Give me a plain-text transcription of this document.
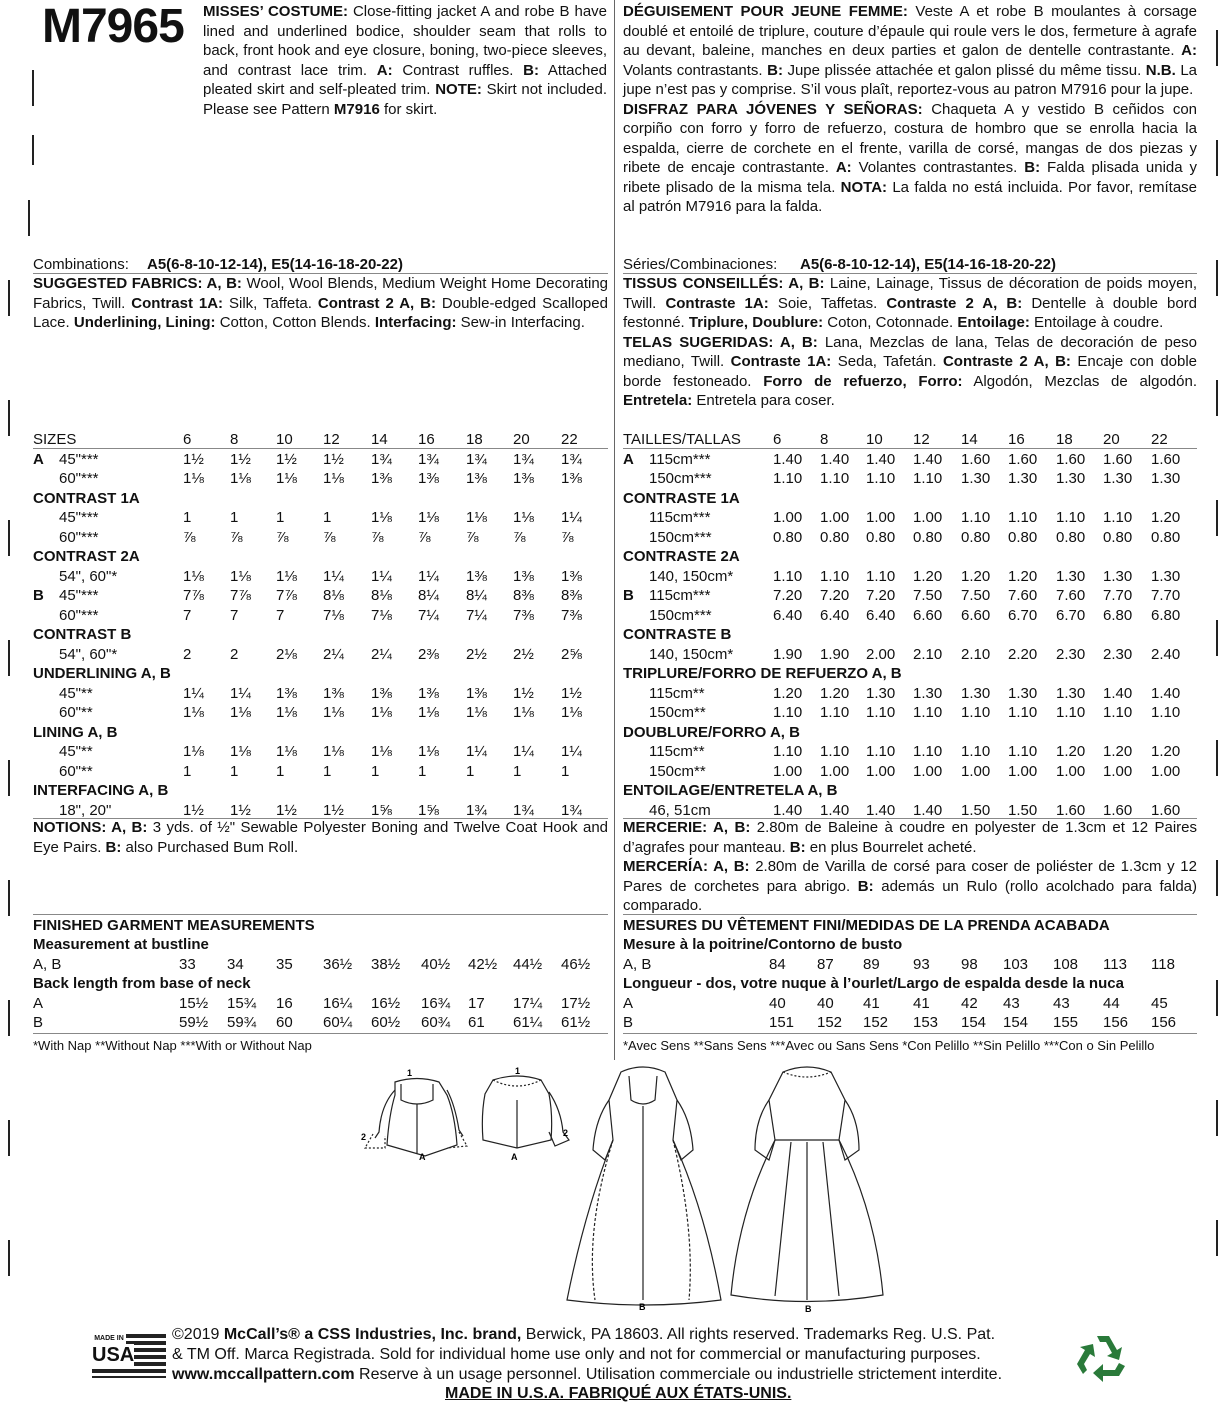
M7965 MISSES’ COSTUME: Close-fitting jacket A and robe B have lined and underlined bodice, shoulder seam that rolls to back, front hook and eye closure, boning, two-piece sleeves, and contrast lace trim. A: Contrast ruffles. B: Attached pleated skirt and self-pleated trim. NOTE: Skirt not included. Please see Pattern M7916 for skirt.
Combinations: A5(6-8-10-12-14), E5(14-16-18-20-22)
SUGGESTED FABRICS: A, B: Wool, Wool Blends, Medium Weight Home Decorating Fabrics, Twill. Contrast 1A: Silk, Taffeta. Contrast 2 A, B: Double-edged Scalloped Lace. Underlining, Lining: Cotton, Cotton Blends. Interfacing: Sew-in Interfacing.
SIZES	6	8	10 12 14 16 18 20 22
A 45"***	1½ 1½ 1½ 1½ 1¾ 1¾ 1¾ 1¾ 1¾
60"***	1⅛ 1⅛ 1⅛ 1⅛ 1⅜ 1⅜ 1⅜ 1⅜ 1⅜
CONTRAST 1A
45"***	1	1	1	1	1⅛ 1⅛ 1⅛ 1⅛ 1¼
60"***	⅞ ⅞ ⅞ ⅞ ⅞ ⅞ ⅞ ⅞ ⅞
CONTRAST 2A
54", 60"*	1⅛ 1⅛ 1⅛ 1¼ 1¼ 1¼ 1⅜ 1⅜ 1⅜
B 45"***	7⅞ 7⅞ 7⅞ 8⅛ 8⅛ 8¼ 8¼ 8⅜ 8⅜
60"***	7	7	7	7⅛ 7⅛ 7¼ 7¼ 7⅜ 7⅜
CONTRAST B
54", 60"*	2	2	2⅛ 2¼ 2¼ 2⅜ 2½ 2½ 2⅝
UNDERLINING A, B
45"**	1¼ 1¼ 1⅜ 1⅜ 1⅜ 1⅜ 1⅜ 1½ 1½
60"**	1⅛ 1⅛ 1⅛ 1⅛ 1⅛ 1⅛ 1⅛ 1⅛ 1⅛
LINING A, B
45"**	1⅛ 1⅛ 1⅛ 1⅛ 1⅛ 1⅛ 1¼ 1¼ 1¼
60"**	1	1	1	1	1	1	1	1	1
INTERFACING A, B
18", 20"	1½ 1½ 1½ 1½ 1⅝ 1⅝ 1¾ 1¾ 1¾
NOTIONS: A, B: 3 yds. of ½" Sewable Polyester Boning and Twelve Coat Hook and Eye Pairs. B: also Purchased Bum Roll.
FINISHED GARMENT MEASUREMENTS
Measurement at bustline
A, B	33 34 35 36½ 38½ 40½ 42½ 44½ 46½
Back length from base of neck
A	15½ 15¾ 16 16¼ 16½ 16¾ 17 17¼ 17½
B	59½ 59¾ 60 60¼ 60½ 60¾ 61 61¼ 61½
*With Nap **Without Nap ***With or Without Nap
DÉGUISEMENT POUR JEUNE FEMME: Veste A et robe B moulantes à corsage doublé et entoilé de triplure, couture d’épaule qui roule vers le dos, fermeture à agrafe au devant, baleine, manches en deux parties et galon de dentelle contrastante. A: Volants contrastants. B: Jupe plissée attachée et galon plissé du même tissu. N.B. La jupe n’est pas y comprise. S’il vous plaît, reportez-vous au patron M7916 pour la jupe.
DISFRAZ PARA JÓVENES Y SEÑORAS: Chaqueta A y vestido B ceñidos con corpiño con forro y forro de refuerzo, costura de hombro que se enrolla hacia la espalda, cierre de corchete en el frente, varilla de corsé, mangas de dos piezas y ribete de encaje contrastante. A: Volantes contrastantes. B: Falda plisada unida y ribete plisado de la misma tela. NOTA: La falda no está incluida. Por favor, remítase al patrón M7916 para la falda.
Séries/Combinaciones: A5(6-8-10-12-14), E5(14-16-18-20-22)
TISSUS CONSEILLÉS: A, B: Laine, Lainage, Tissus de décoration de poids moyen, Twill. Contraste 1A: Soie, Taffetas. Contraste 2 A, B: Dentelle à double bord festonné. Triplure, Doublure: Coton, Cotonnade. Entoilage: Entoilage à coudre.
TELAS SUGERIDAS: A, B: Lana, Mezclas de lana, Telas de decoración de peso mediano, Twill. Contraste 1A: Seda, Tafetán. Contraste 2 A, B: Encaje con doble borde festoneado. Forro de refuerzo, Forro: Algodón, Mezclas de algodón. Entretela: Entretela para coser.
TAILLES/TALLAS 6	8	10 12 14 16 18 20 22
A 115cm***	1.40 1.40 1.40 1.40 1.60 1.60 1.60 1.60 1.60
150cm***	1.10 1.10 1.10 1.10 1.30 1.30 1.30 1.30 1.30
CONTRASTE 1A
115cm***	1.00 1.00 1.00 1.00 1.10 1.10 1.10 1.10 1.20
150cm***	0.80 0.80 0.80 0.80 0.80 0.80 0.80 0.80 0.80
CONTRASTE 2A
140, 150cm*	1.10 1.10 1.10 1.20 1.20 1.20 1.30 1.30 1.30
B 115cm***	7.20 7.20 7.20 7.50 7.50 7.60 7.60 7.70 7.70
150cm***	6.40 6.40 6.40 6.60 6.60 6.70 6.70 6.80 6.80
CONTRASTE B
140, 150cm*	1.90 1.90 2.00 2.10 2.10 2.20 2.30 2.30 2.40
TRIPLURE/FORRO DE REFUERZO A, B
115cm**	1.20 1.20 1.30 1.30 1.30 1.30 1.30 1.40 1.40
150cm**	1.10 1.10 1.10 1.10 1.10 1.10 1.10 1.10 1.10
DOUBLURE/FORRO A, B
115cm**	1.10 1.10 1.10 1.10 1.10 1.10 1.20 1.20 1.20
150cm**	1.00 1.00 1.00 1.00 1.00 1.00 1.00 1.00 1.00
ENTOILAGE/ENTRETELA A, B
46, 51cm	1.40 1.40 1.40 1.40 1.50 1.50 1.60 1.60 1.60
MERCERIE: A, B: 2.80m de Baleine à coudre en polyester de 1.3cm et 12 Paires d’agrafes pour manteau. B: en plus Bourrelet acheté.
MERCERÍA: A, B: 2.80m de Varilla de corsé para coser de poliéster de 1.3cm y 12 Pares de corchetes para abrigo. B: además un Rulo (rollo acolchado para falda) comparado.
MESURES DU VÊTEMENT FINI/MEDIDAS DE LA PRENDA ACABADA
Mesure à la poitrine/Contorno de busto
A, B	84 87 89 93 98 103 108 113 118
Longueur - dos, votre nuque à l’ourlet/Largo de espalda desde la nuca
A	40 40 41 41 42 43 43 44 45
B	151 152 152 153 154 154 155 156 156
*Avec Sens **Sans Sens ***Avec ou Sans Sens *Con Pelillo **Sin Pelillo ***Con o Sin Pelillo
1
2
A
1
2
A
B	B
MADE IN
USA
©2019 McCall’s® a CSS Industries, Inc. brand, Berwick, PA 18603. All rights reserved. Trademarks Reg. U.S. Pat.
& TM Off. Marca Registrada. Sold for individual home use only and not for commercial or manufacturing purposes.
www.mccallpattern.com Reserve à un usage personnel. Utilisation commerciale ou industrielle strictement interdite.
MADE IN U.S.A. FABRIQUÉ AUX ÉTATS-UNIS.
